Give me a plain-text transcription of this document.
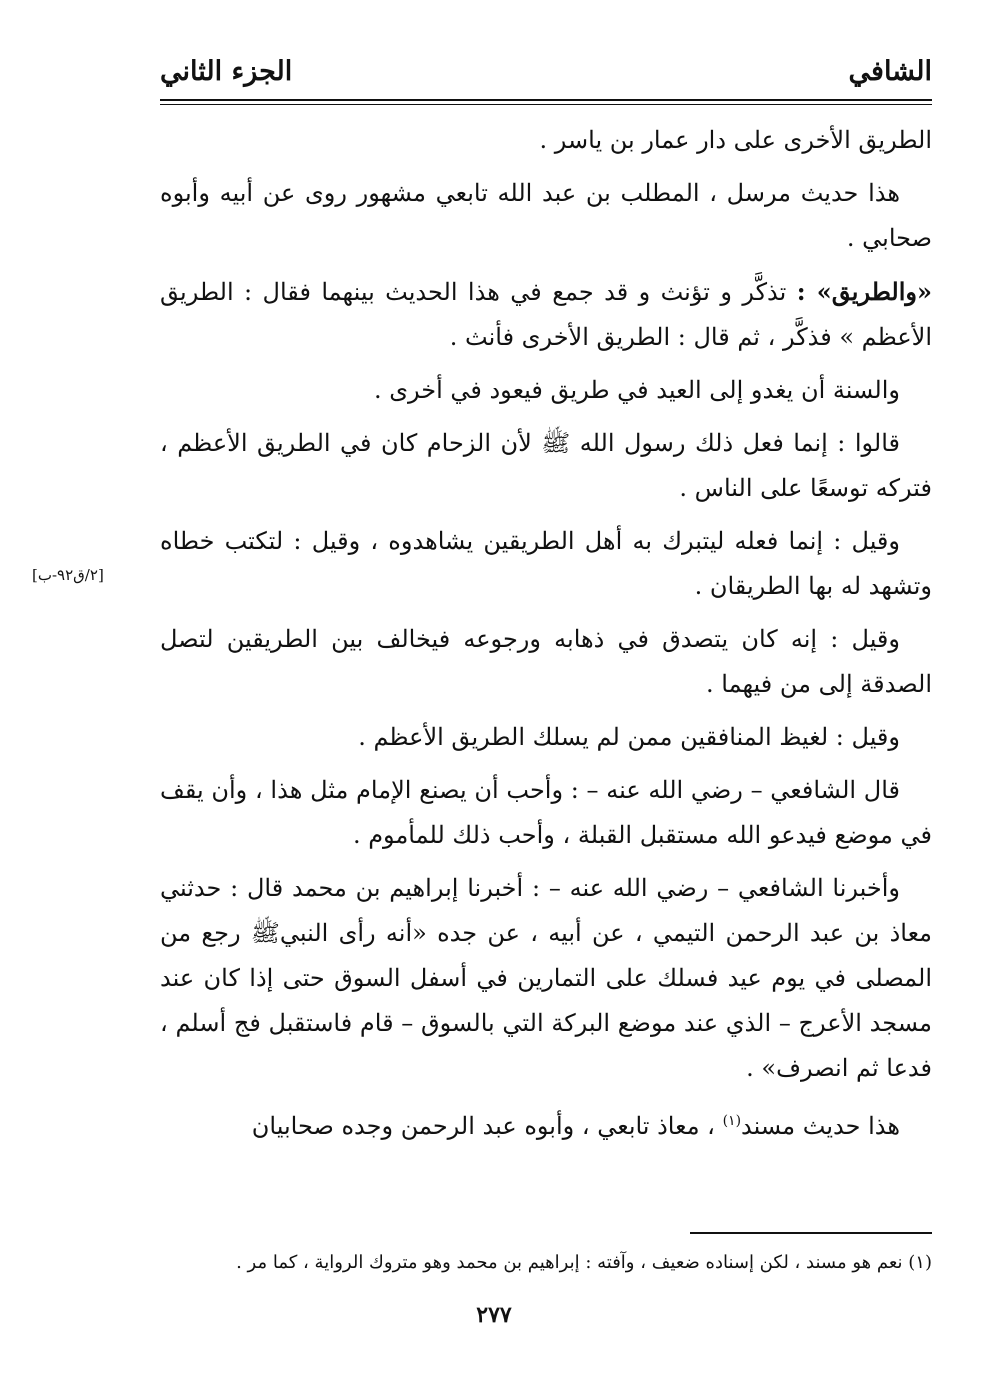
الشافي
الجزء الثاني
[٢/ق٩٢-ب]

الطريق الأخرى على دار عمار بن ياسر .

هذا حديث مرسل ، المطلب بن عبد الله تابعي مشهور روى عن أبيه وأبوه صحابي .

«والطريق» : تذكَّر و تؤنث و قد جمع في هذا الحديث بينهما فقال : الطريق الأعظم » فذكَّر ، ثم قال : الطريق الأخرى فأنث .

والسنة أن يغدو إلى العيد في طريق فيعود في أخرى .

قالوا : إنما فعل ذلك رسول الله ﷺ لأن الزحام كان في الطريق الأعظم ، فتركه توسعًا على الناس .

وقيل : إنما فعله ليتبرك به أهل الطريقين يشاهدوه ، وقيل : لتكتب خطاه وتشهد له بها الطريقان .

وقيل : إنه كان يتصدق في ذهابه ورجوعه فيخالف بين الطريقين لتصل الصدقة إلى من فيهما .

وقيل : لغيظ المنافقين ممن لم يسلك الطريق الأعظم .

قال الشافعي – رضي الله عنه – : وأحب أن يصنع الإمام مثل هذا ، وأن يقف في موضع فيدعو الله مستقبل القبلة ، وأحب ذلك للمأموم .

وأخبرنا الشافعي – رضي الله عنه – : أخبرنا إبراهيم بن محمد قال : حدثني معاذ بن عبد الرحمن التيمي ، عن أبيه ، عن جده «أنه رأى النبيﷺ رجع من المصلى في يوم عيد فسلك على التمارين في أسفل السوق حتى إذا كان عند مسجد الأعرج – الذي عند موضع البركة التي بالسوق – قام فاستقبل فج أسلم ، فدعا ثم انصرف» .

هذا حديث مسند$^{(١)}$ ، معاذ تابعي ، وأبوه عبد الرحمن وجده صحابيان

(١) نعم هو مسند ، لكن إسناده ضعيف ، وآفته : إبراهيم بن محمد وهو متروك الرواية ، كما مر .
٢٧٧
